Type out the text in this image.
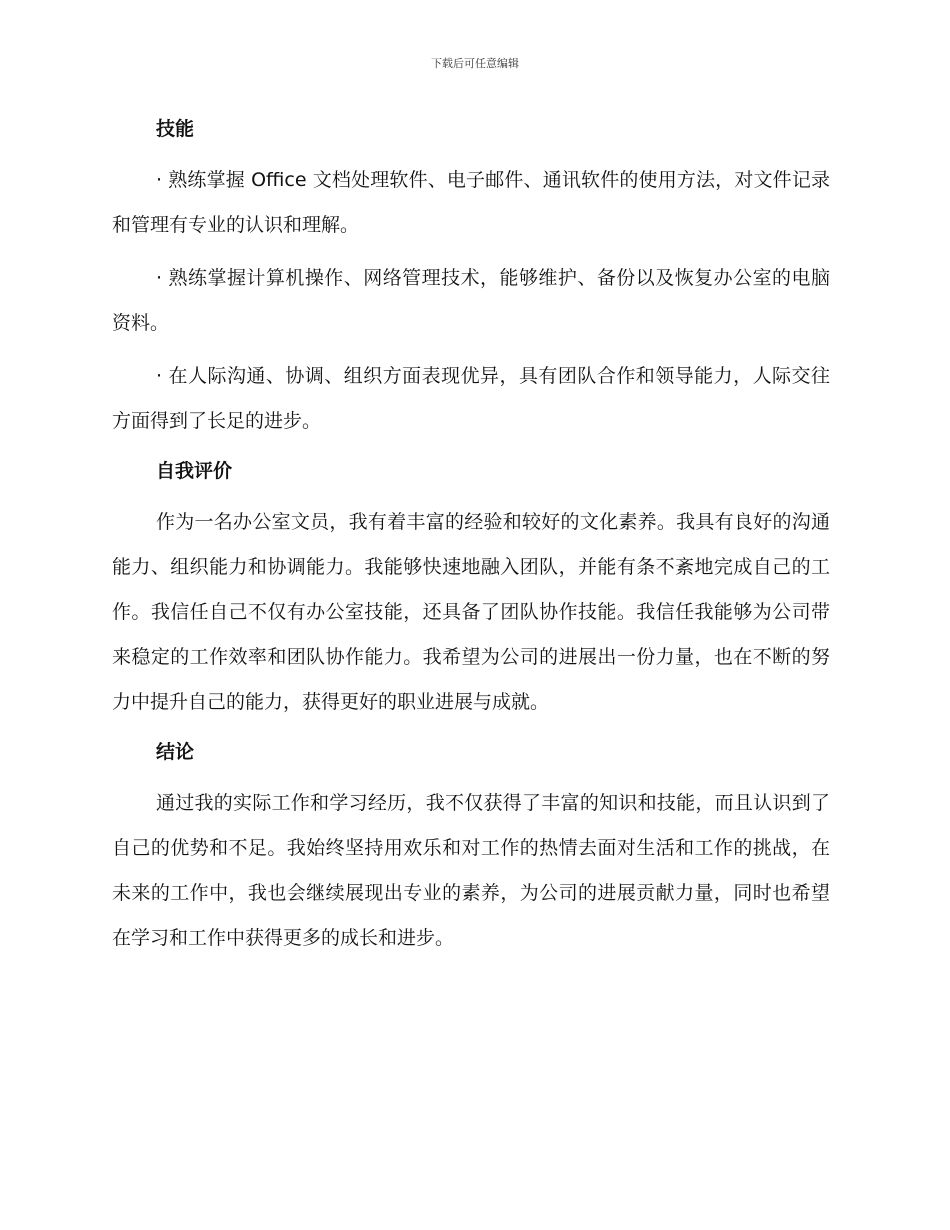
下载后可任意编辑
技能

· 熟练掌握 Office 文档处理软件、电子邮件、通讯软件的使用方法，对文件记录和管理有专业的认识和理解。

· 熟练掌握计算机操作、网络管理技术，能够维护、备份以及恢复办公室的电脑资料。

· 在人际沟通、协调、组织方面表现优异，具有团队合作和领导能力，人际交往方面得到了长足的进步。

自我评价

作为一名办公室文员，我有着丰富的经验和较好的文化素养。我具有良好的沟通能力、组织能力和协调能力。我能够快速地融入团队，并能有条不紊地完成自己的工作。我信任自己不仅有办公室技能，还具备了团队协作技能。我信任我能够为公司带来稳定的工作效率和团队协作能力。我希望为公司的进展出一份力量，也在不断的努力中提升自己的能力，获得更好的职业进展与成就。

结论

通过我的实际工作和学习经历，我不仅获得了丰富的知识和技能，而且认识到了自己的优势和不足。我始终坚持用欢乐和对工作的热情去面对生活和工作的挑战，在未来的工作中，我也会继续展现出专业的素养，为公司的进展贡献力量，同时也希望在学习和工作中获得更多的成长和进步。
